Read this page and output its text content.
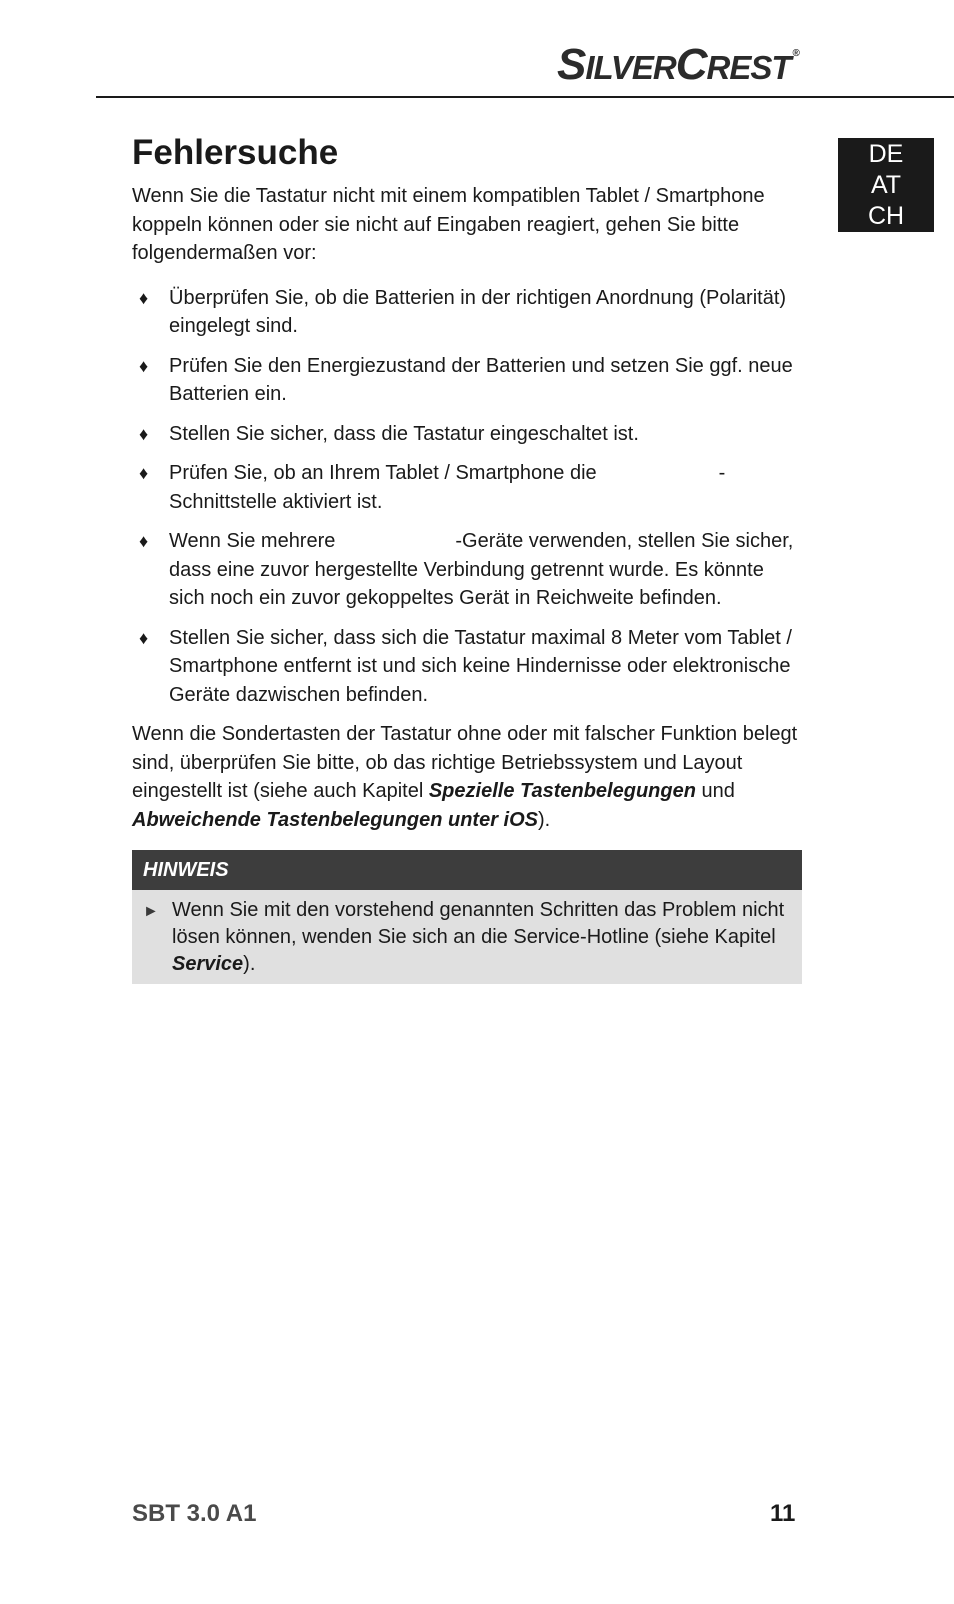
SILVERCREST ®
DE
AT
CH
Fehlersuche

Wenn Sie die Tastatur nicht mit einem kompatiblen Tablet / Smartphone koppeln können oder sie nicht auf Eingaben reagiert, gehen Sie bitte folgendermaßen vor:

♦ Überprüfen Sie, ob die Batterien in der richtigen Anordnung (Polarität) eingelegt sind.
♦ Prüfen Sie den Energiezustand der Batterien und setzen Sie ggf. neue Batterien ein.
♦ Stellen Sie sicher, dass die Tastatur eingeschaltet ist.
♦ Prüfen Sie, ob an Ihrem Tablet / Smartphone die	-Schnittstelle aktiviert ist.
♦ Wenn Sie mehrere	-Geräte verwenden, stellen Sie sicher, dass eine zuvor hergestellte Verbindung getrennt wurde. Es könnte sich noch ein zuvor gekoppeltes Gerät in Reichweite befinden.
♦ Stellen Sie sicher, dass sich die Tastatur maximal 8 Meter vom Tablet / Smartphone entfernt ist und sich keine Hindernisse oder elektronische Geräte dazwischen befinden.

Wenn die Sondertasten der Tastatur ohne oder mit falscher Funktion belegt sind, überprüfen Sie bitte, ob das richtige Betriebssystem und Layout eingestellt ist (siehe auch Kapitel Spezielle Tastenbelegungen und Abweichende Tastenbelegungen unter iOS).

HINWEIS
► Wenn Sie mit den vorstehend genannten Schritten das Problem nicht lösen können, wenden Sie sich an die Service-Hotline (siehe Kapitel Service).
SBT 3.0 A1	11
